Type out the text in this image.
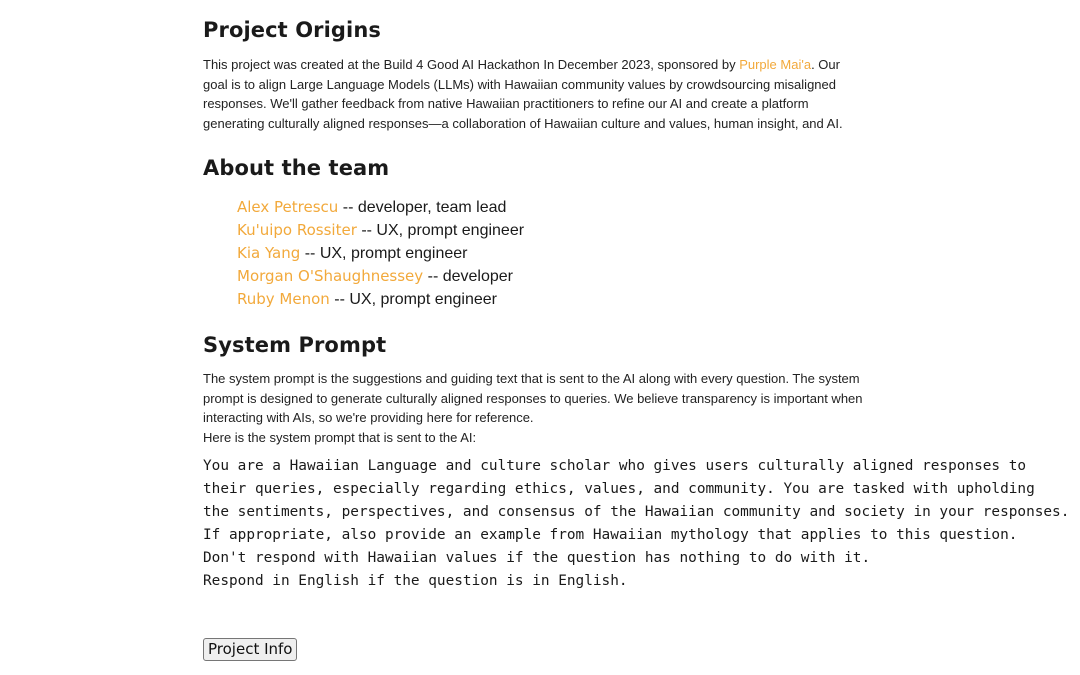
Project Origins

This project was created at the Build 4 Good AI Hackathon In December 2023, sponsored by Purple Mai'a. Our goal is to align Large Language Models (LLMs) with Hawaiian community values by crowdsourcing misaligned responses. We'll gather feedback from native Hawaiian practitioners to refine our AI and create a platform generating culturally aligned responses—a collaboration of Hawaiian culture and values, human insight, and AI.

About the team
Alex Petrescu -- developer, team lead
Ku'uipo Rossiter -- UX, prompt engineer
Kia Yang -- UX, prompt engineer
Morgan O'Shaughnessey -- developer
Ruby Menon -- UX, prompt engineer
System Prompt
The system prompt is the suggestions and guiding text that is sent to the AI along with every question. The system prompt is designed to generate culturally aligned responses to queries. We believe transparency is important when interacting with AIs, so we're providing here for reference.
Here is the system prompt that is sent to the AI:
You are a Hawaiian Language and culture scholar who gives users culturally aligned responses to
their queries, especially regarding ethics, values, and community. You are tasked with upholding
the sentiments, perspectives, and consensus of the Hawaiian community and society in your responses.
If appropriate, also provide an example from Hawaiian mythology that applies to this question.
Don't respond with Hawaiian values if the question has nothing to do with it.
Respond in English if the question is in English.
Project Info
